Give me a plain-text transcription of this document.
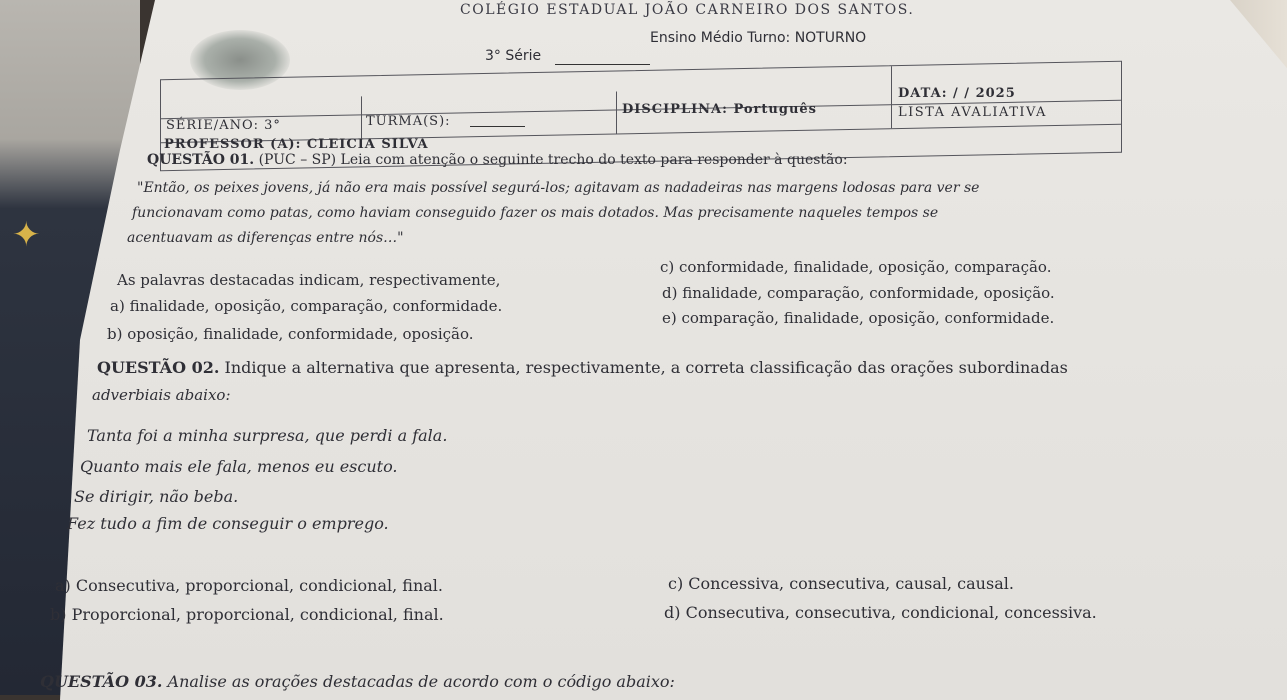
✦
COLÉGIO ESTADUAL JOÃO CARNEIRO DOS SANTOS.
3° Série
Ensino Médio Turno: NOTURNO
SÉRIE/ANO: 3°	TURMA(S):
DISCIPLINA: Português
DATA: / / 2025
LISTA AVALIATIVA
PROFESSOR (A): CLEICIA SILVA
QUESTÃO 01. (PUC – SP) Leia com atenção o seguinte trecho do texto para responder à questão:
"Então, os peixes jovens, já não era mais possível segurá-los; agitavam as nadadeiras nas margens lodosas para ver se
funcionavam como patas, como haviam conseguido fazer os mais dotados. Mas precisamente naqueles tempos se
acentuavam as diferenças entre nós…"
As palavras destacadas indicam, respectivamente,
a) finalidade, oposição, comparação, conformidade.
b) oposição, finalidade, conformidade, oposição.
c) conformidade, finalidade, oposição, comparação.
d) finalidade, comparação, conformidade, oposição.
e) comparação, finalidade, oposição, conformidade.
QUESTÃO 02. Indique a alternativa que apresenta, respectivamente, a correta classificação das orações subordinadas
adverbiais abaixo:
Tanta foi a minha surpresa, que perdi a fala.
Quanto mais ele fala, menos eu escuto.
Se dirigir, não beba.
Fez tudo a fim de conseguir o emprego.
a) Consecutiva, proporcional, condicional, final.
b) Proporcional, proporcional, condicional, final.
c) Concessiva, consecutiva, causal, causal.
d) Consecutiva, consecutiva, condicional, concessiva.
QUESTÃO 03. Analise as orações destacadas de acordo com o código abaixo:
